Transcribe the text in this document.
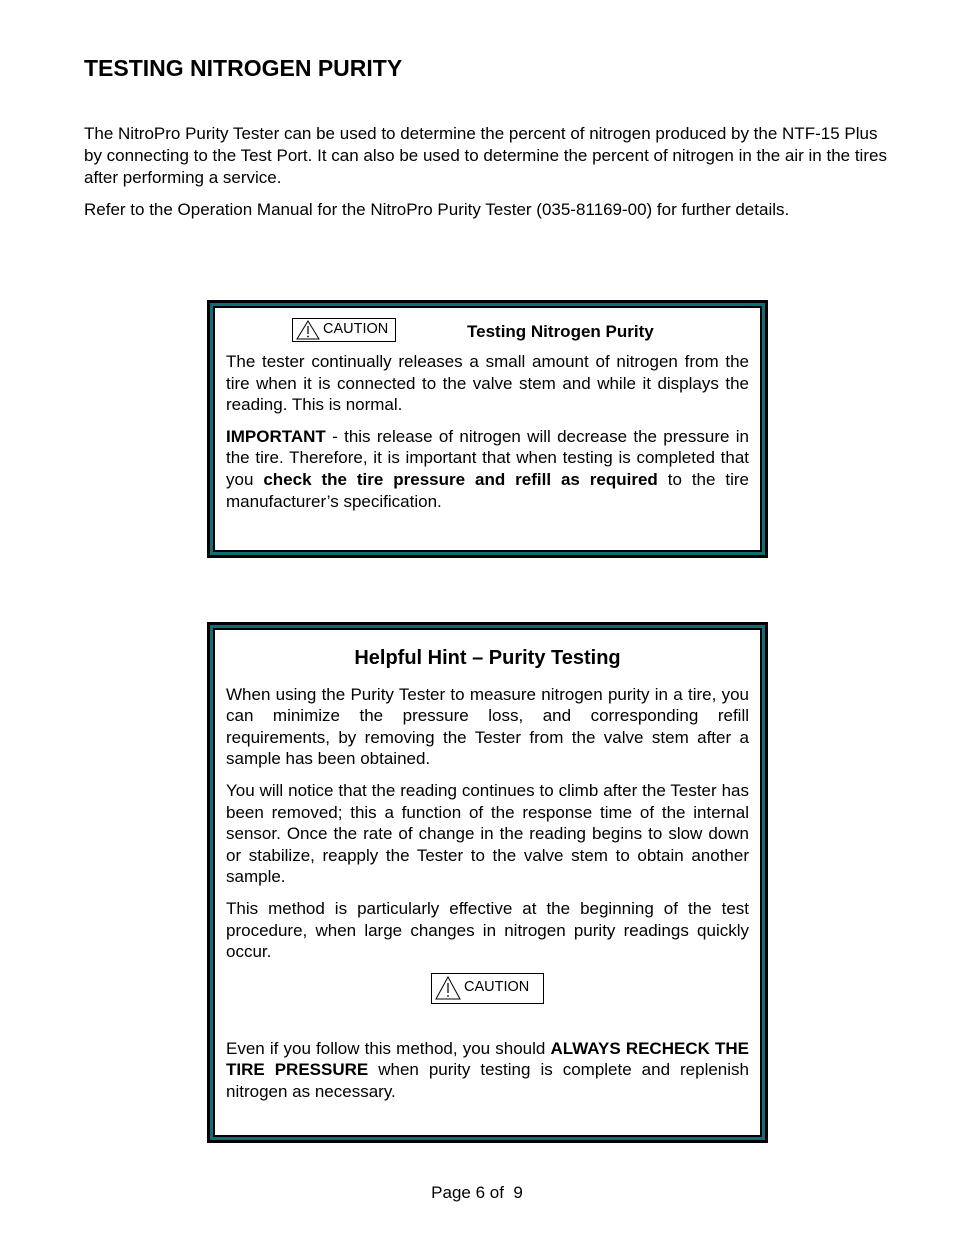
TESTING NITROGEN PURITY

The NitroPro Purity Tester can be used to determine the percent of nitrogen produced by the NTF-15 Plus by connecting to the Test Port. It can also be used to determine the percent of nitrogen in the air in the tires after performing a service.

Refer to the Operation Manual for the NitroPro Purity Tester (035-81169-00) for further details.

CAUTION	Testing Nitrogen Purity

The tester continually releases a small amount of nitrogen from the tire when it is connected to the valve stem and while it displays the reading. This is normal.

IMPORTANT - this release of nitrogen will decrease the pressure in the tire. Therefore, it is important that when testing is completed that you check the tire pressure and refill as required to the tire manufacturer’s specification.

Helpful Hint – Purity Testing

When using the Purity Tester to measure nitrogen purity in a tire, you can minimize the pressure loss, and corresponding refill requirements, by removing the Tester from the valve stem after a sample has been obtained.

You will notice that the reading continues to climb after the Tester has been removed; this a function of the response time of the internal sensor. Once the rate of change in the reading begins to slow down or stabilize, reapply the Tester to the valve stem to obtain another sample.

This method is particularly effective at the beginning of the test procedure, when large changes in nitrogen purity readings quickly occur.

CAUTION

Even if you follow this method, you should ALWAYS RECHECK THE TIRE PRESSURE when purity testing is complete and replenish nitrogen as necessary.

Page 6 of  9
